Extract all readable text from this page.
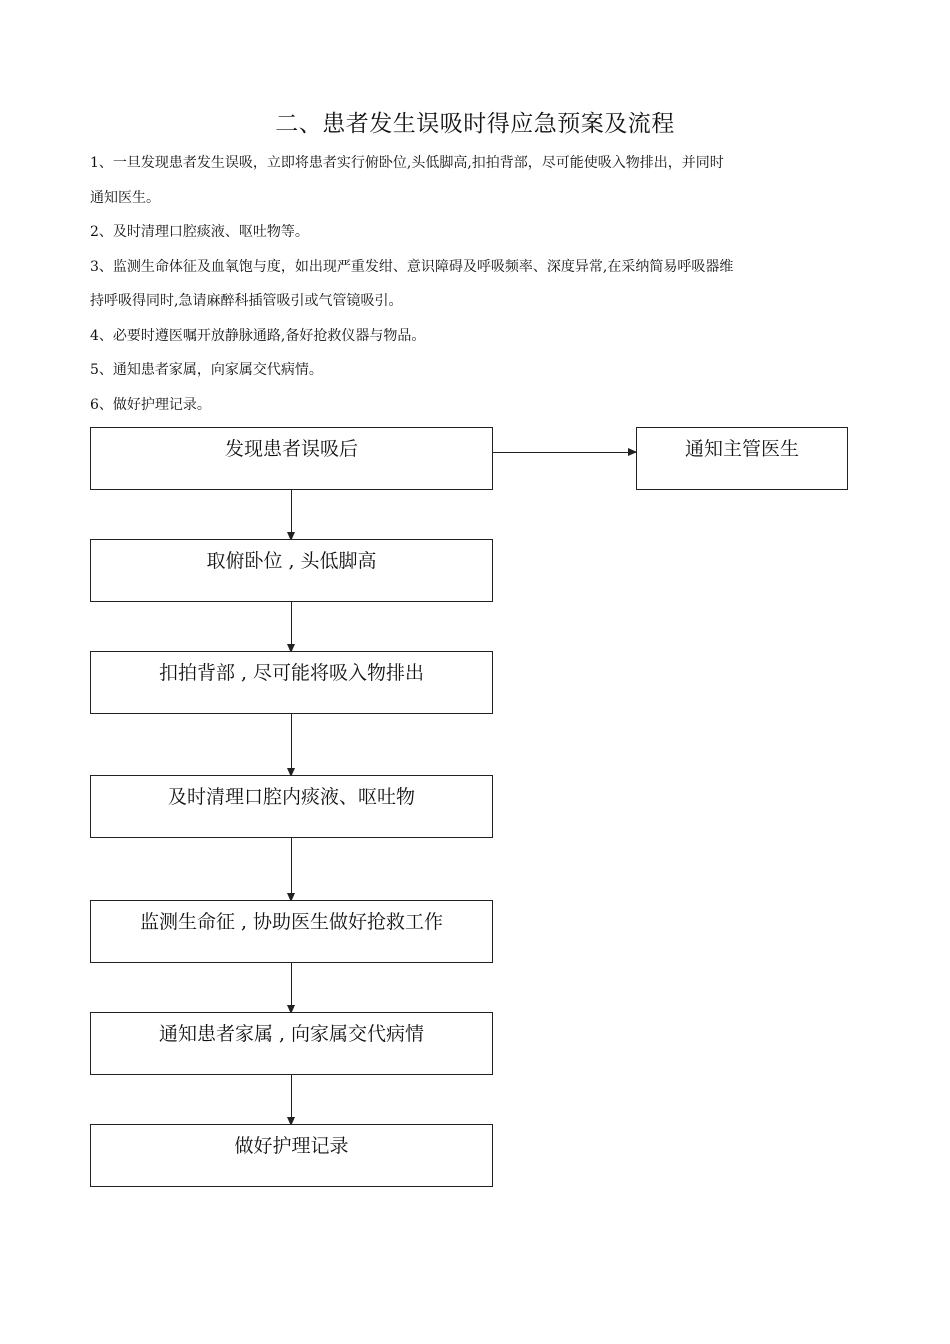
二、患者发生误吸时得应急预案及流程
1、一旦发现患者发生误吸，立即将患者实行俯卧位,头低脚高,扣拍背部，尽可能使吸入物排出，并同时
通知医生。
2、及时清理口腔痰液、呕吐物等。
3、监测生命体征及血氧饱与度，如出现严重发绀、意识障碍及呼吸频率、深度异常,在采纳简易呼吸器维
持呼吸得同时,急请麻醉科插管吸引或气管镜吸引。
4、必要时遵医嘱开放静脉通路,备好抢救仪器与物品。
5、通知患者家属，向家属交代病情。
6、做好护理记录。
发现患者误吸后	通知主管医生
取俯卧位 , 头低脚高
扣拍背部 , 尽可能将吸入物排出
及时清理口腔内痰液、呕吐物
监测生命征 , 协助医生做好抢救工作
通知患者家属 , 向家属交代病情
做好护理记录
